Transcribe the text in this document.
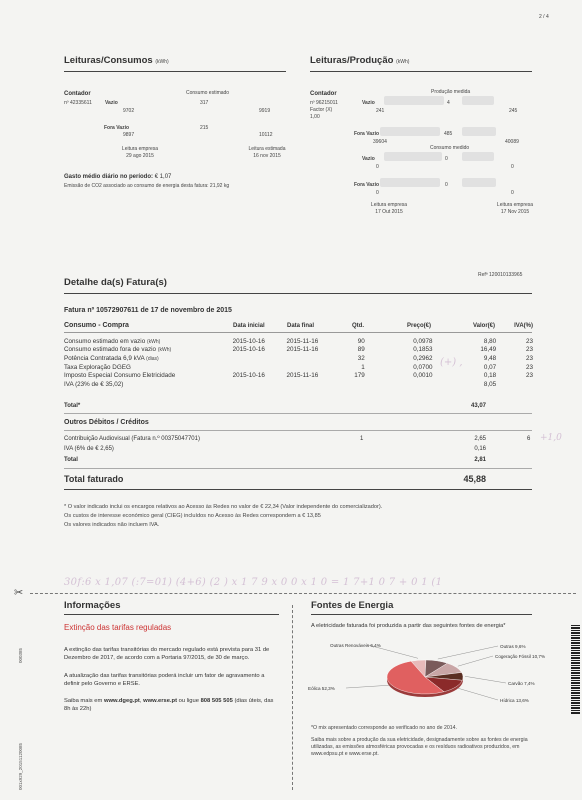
2 / 4
Leituras/Consumos (kWh)
Contador
nº 42335611
Consumo estimado
Vazio	317
9702	9919
Fora Vazio	215
9897	10112
Leitura empresa
29 ago 2015
Leitura estimada
16 nov 2015
Gasto médio diário no período: € 1,07
Emissão de CO2 associado ao consumo de energia desta fatura: 21,92 kg
Leituras/Produção (kWh)
Contador
nº 96215011
Factor (X)
1,00
Produção medida
Vazio	4
241	245
Fora Vazio	485
39604	40089
Consumo medido
Vazio	0
0	0
Fora Vazio	0
0	0
Leitura empresa
17 Out 2015
Leitura empresa
17 Nov 2015
Refª 120010133965
Detalhe da(s) Fatura(s)
Fatura nº 10572907611 de 17 de novembro de 2015
Consumo - Compra	Data inicial	Data final	Qtd.	Preço(€)	Valor(€)	IVA(%)
Consumo estimado em vazio (kWh)	2015-10-16	2015-11-16	90	0,0978	8,80	23
Consumo estimado fora de vazio (kWh)	2015-10-16	2015-11-16	89	0,1853	16,49	23
Potência Contratada 6,9 kVA (dias)			32	0,2962	9,48	23
Taxa Exploração DGEG			1	0,0700	0,07	23
Imposto Especial Consumo Eletricidade	2015-10-16	2015-11-16	179	0,0010	0,18	23
IVA (23% de € 35,02)					8,05	
Total*	43,07
Outros Débitos / Créditos
Contribuição Audiovisual (Fatura n.º 00375047701)	1	2,65	6
IVA (6% de € 2,65)	0,16
Total	2,81
Total faturado	45,88
* O valor indicado inclui os encargos relativos ao Acesso às Redes no valor de € 22,34 (Valor independente do comercializador).
Os custos de interesse económico geral (CIEG) incluídos no Acesso às Redes correspondem a € 13,85
Os valores indicados não incluem IVA.
(+) ,
+1,0
30f:6 x 1,07 (:7=01) (4+6) (2 ) x 1 7 9 x 0 0 x 1 0 = 1 7+1 0 7 + 0 1 (1
✂
Informações
Extinção das tarifas reguladas
A extinção das tarifas transitórias do mercado regulado está prevista para 31 de Dezembro de 2017, de acordo com a Portaria 97/2015, de 30 de março.
A atualização das tarifas transitórias poderá incluir um fator de agravamento a definir pelo Governo e ERSE.
Saiba mais em www.dgeg.pt, www.erse.pt ou ligue 808 505 505 (dias úteis, das 8h às 22h)
Fontes de Energia
A eletricidade faturada foi produzida a partir das seguintes fontes de energia*
Outras Renováveis 6,4%	Outras 9,6%
Cogeração Fóssil 10,7%
Carvão 7,4%
Hídrica 13,6%
Eólica 52,3%
*O mix apresentado corresponde ao verificado no ano de 2014.
Saiba mais sobre a produção da sua eletricidade, designadamente sobre as fontes de energia utilizadas, as emissões atmosféricas provocadas e os resíduos radioativos produzidos, em www.edpsu.pt e www.erse.pt.
001x929_20151120085
000385
